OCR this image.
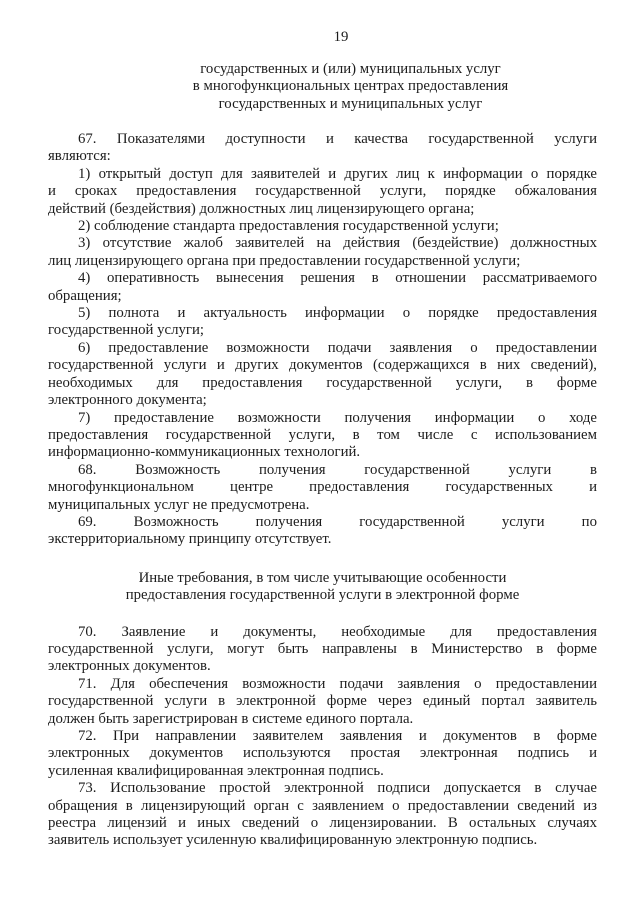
19
государственных и (или) муниципальных услуг
в многофункциональных центрах предоставления
государственных и муниципальных услуг
67. Показателями доступности и качества государственной услуги
являются:
1) открытый доступ для заявителей и других лиц к информации о порядке
и сроках предоставления государственной услуги, порядке обжалования
действий (бездействия) должностных лиц лицензирующего органа;
2) соблюдение стандарта предоставления государственной услуги;
3) отсутствие жалоб заявителей на действия (бездействие) должностных
лиц лицензирующего органа при предоставлении государственной услуги;
4) оперативность вынесения решения в отношении рассматриваемого
обращения;
5) полнота и актуальность информации о порядке предоставления
государственной услуги;
6) предоставление возможности подачи заявления о предоставлении
государственной услуги и других документов (содержащихся в них сведений),
необходимых для предоставления государственной услуги, в форме
электронного документа;
7) предоставление возможности получения информации о ходе
предоставления государственной услуги, в том числе с использованием
информационно-коммуникационных технологий.
68. Возможность получения государственной услуги в
многофункциональном центре предоставления государственных и
муниципальных услуг не предусмотрена.
69. Возможность получения государственной услуги по
экстерриториальному принципу отсутствует.
Иные требования, в том числе учитывающие особенности
предоставления государственной услуги в электронной форме
70. Заявление и документы, необходимые для предоставления
государственной услуги, могут быть направлены в Министерство в форме
электронных документов.
71. Для обеспечения возможности подачи заявления о предоставлении
государственной услуги в электронной форме через единый портал заявитель
должен быть зарегистрирован в системе единого портала.
72. При направлении заявителем заявления и документов в форме
электронных документов используются простая электронная подпись и
усиленная квалифицированная электронная подпись.
73. Использование простой электронной подписи допускается в случае
обращения в лицензирующий орган с заявлением о предоставлении сведений из
реестра лицензий и иных сведений о лицензировании. В остальных случаях
заявитель использует усиленную квалифицированную электронную подпись.
